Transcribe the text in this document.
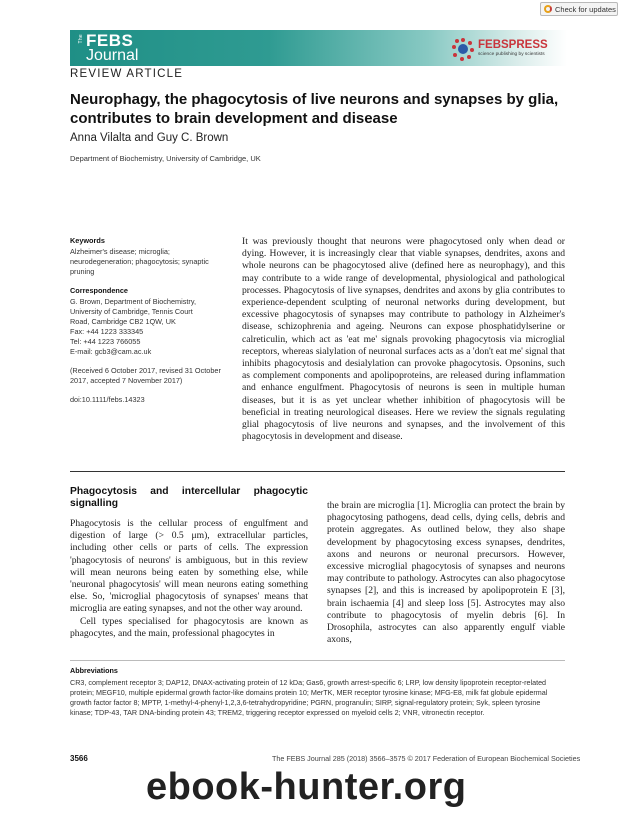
Check for updates
The FEBS
Journal
FEBSPRESS
science publishing by scientists
REVIEW ARTICLE
Neurophagy, the phagocytosis of live neurons and synapses by glia, contributes to brain development and disease
Anna Vilalta and Guy C. Brown
Department of Biochemistry, University of Cambridge, UK
Keywords
Alzheimer's disease; microglia; neurodegeneration; phagocytosis; synaptic pruning
Correspondence
G. Brown, Department of Biochemistry,
University of Cambridge, Tennis Court
Road, Cambridge CB2 1QW, UK
Fax: +44 1223 333345
Tel: +44 1223 766055
E-mail: gcb3@cam.ac.uk
(Received 6 October 2017, revised 31 October 2017, accepted 7 November 2017)
doi:10.1111/febs.14323
It was previously thought that neurons were phagocytosed only when dead or dying. However, it is increasingly clear that viable synapses, dendrites, axons and whole neurons can be phagocytosed alive (defined here as neurophagy), and this may contribute to a wide range of developmental, physiological and pathological processes. Phagocytosis of live synapses, dendrites and axons by glia contributes to experience-dependent sculpting of neuronal networks during development, but excessive phagocytosis of synapses may contribute to pathology in Alzheimer's disease, schizophrenia and ageing. Neurons can expose phosphatidylserine or calreticulin, which act as 'eat me' signals provoking phagocytosis via microglial receptors, whereas sialylation of neuronal surfaces acts as a 'don't eat me' signal that inhibits phagocytosis and desialylation can provoke phagocytosis. Opsonins, such as complement components and apolipoproteins, are released during inflammation and enhance engulfment. Phagocytosis of neurons is seen in multiple human diseases, but it is as yet unclear whether inhibition of phagocytosis will be beneficial in treating neurological diseases. Here we review the signals regulating glial phagocytosis of live neurons and synapses, and the involvement of this phagocytosis in development and disease.
Phagocytosis and intercellular phagocytic signalling

Phagocytosis is the cellular process of engulfment and digestion of large (> 0.5 μm), extracellular particles, including other cells or parts of cells. The expression 'phagocytosis of neurons' is ambiguous, but in this review will mean neurons being eaten by something else, while 'neuronal phagocytosis' will mean neurons eating something else. So, 'microglial phagocytosis of synapses' means that microglia are eating synapses, and not the other way around.

Cell types specialised for phagocytosis are known as phagocytes, and the main, professional phagocytes in

the brain are microglia [1]. Microglia can protect the brain by phagocytosing pathogens, dead cells, dying cells, debris and protein aggregates. As outlined below, they also shape development by phagocytosing excess synapses, dendrites, axons and neurons or neuronal precursors. However, excessive microglial phagocytosis of synapses and neurons may contribute to pathology. Astrocytes can also phagocytose synapses [2], and this is increased by apolipoprotein E [3], brain ischaemia [4] and sleep loss [5]. Astrocytes may also contribute to phagocytosis of myelin debris [6]. In Drosophila, astrocytes can also apparently engulf viable axons,

Abbreviations
CR3, complement receptor 3; DAP12, DNAX-activating protein of 12 kDa; Gas6, growth arrest-specific 6; LRP, low density lipoprotein receptor-related protein; MEGF10, multiple epidermal growth factor-like domains protein 10; MerTK, MER receptor tyrosine kinase; MFG-E8, milk fat globule epidermal growth factor factor 8; MPTP, 1-methyl-4-phenyl-1,2,3,6-tetrahydropyridine; PGRN, progranulin; SIRP, signal-regulatory protein; Syk, spleen tyrosine kinase; TDP-43, TAR DNA-binding protein 43; TREM2, triggering receptor expressed on myeloid cells 2; VNR, vitronectin receptor.
3566	The FEBS Journal 285 (2018) 3566–3575 © 2017 Federation of European Biochemical Societies
ebook-hunter.org
